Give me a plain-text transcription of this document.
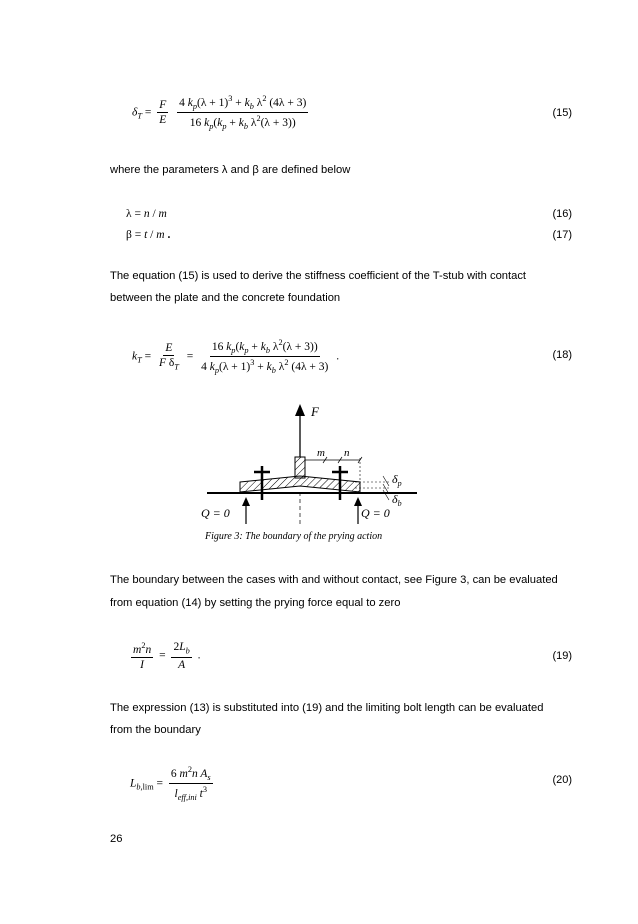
$\delta_T = \frac{F}{E}$
4 $k_p(\lambda + 1)^3 + k_b$ $\lambda^2$ (4λ + 3)
16 $k_p(k_p + k_b$ $\lambda^2(\lambda + 3)$)
(15)
where the parameters λ and β are defined below
λ = n / m	(16)
β = t / m .	(17)
The equation (15) is used to derive the stiffness coefficient of the T-stub with contact
between the plate and the concrete foundation
$k_T = \frac{E}{F \delta_T} = \frac{16 k_p(k_p + k_b \lambda^2(\lambda + 3))}{4 k_p(\lambda + 1)^3 + k_b \lambda^2 (4\lambda + 3)}$ .	(18)
F
m n
$\delta_p$
$\delta_b$
Q = 0	Q = 0
Figure 3: The boundary of the prying action
The boundary between the cases with and without contact, see Figure 3, can be evaluated
from equation (14) by setting the prying force equal to zero
$\frac{m^2n}{I} = \frac{2L_b}{A}$ .	(19)
The expression (13) is substituted into (19) and the limiting bolt length can be evaluated
from the boundary
$L_{b,lim} = \frac{6 m^2n A_s}{l_{eff,ini} t^3}$	(20)
26
